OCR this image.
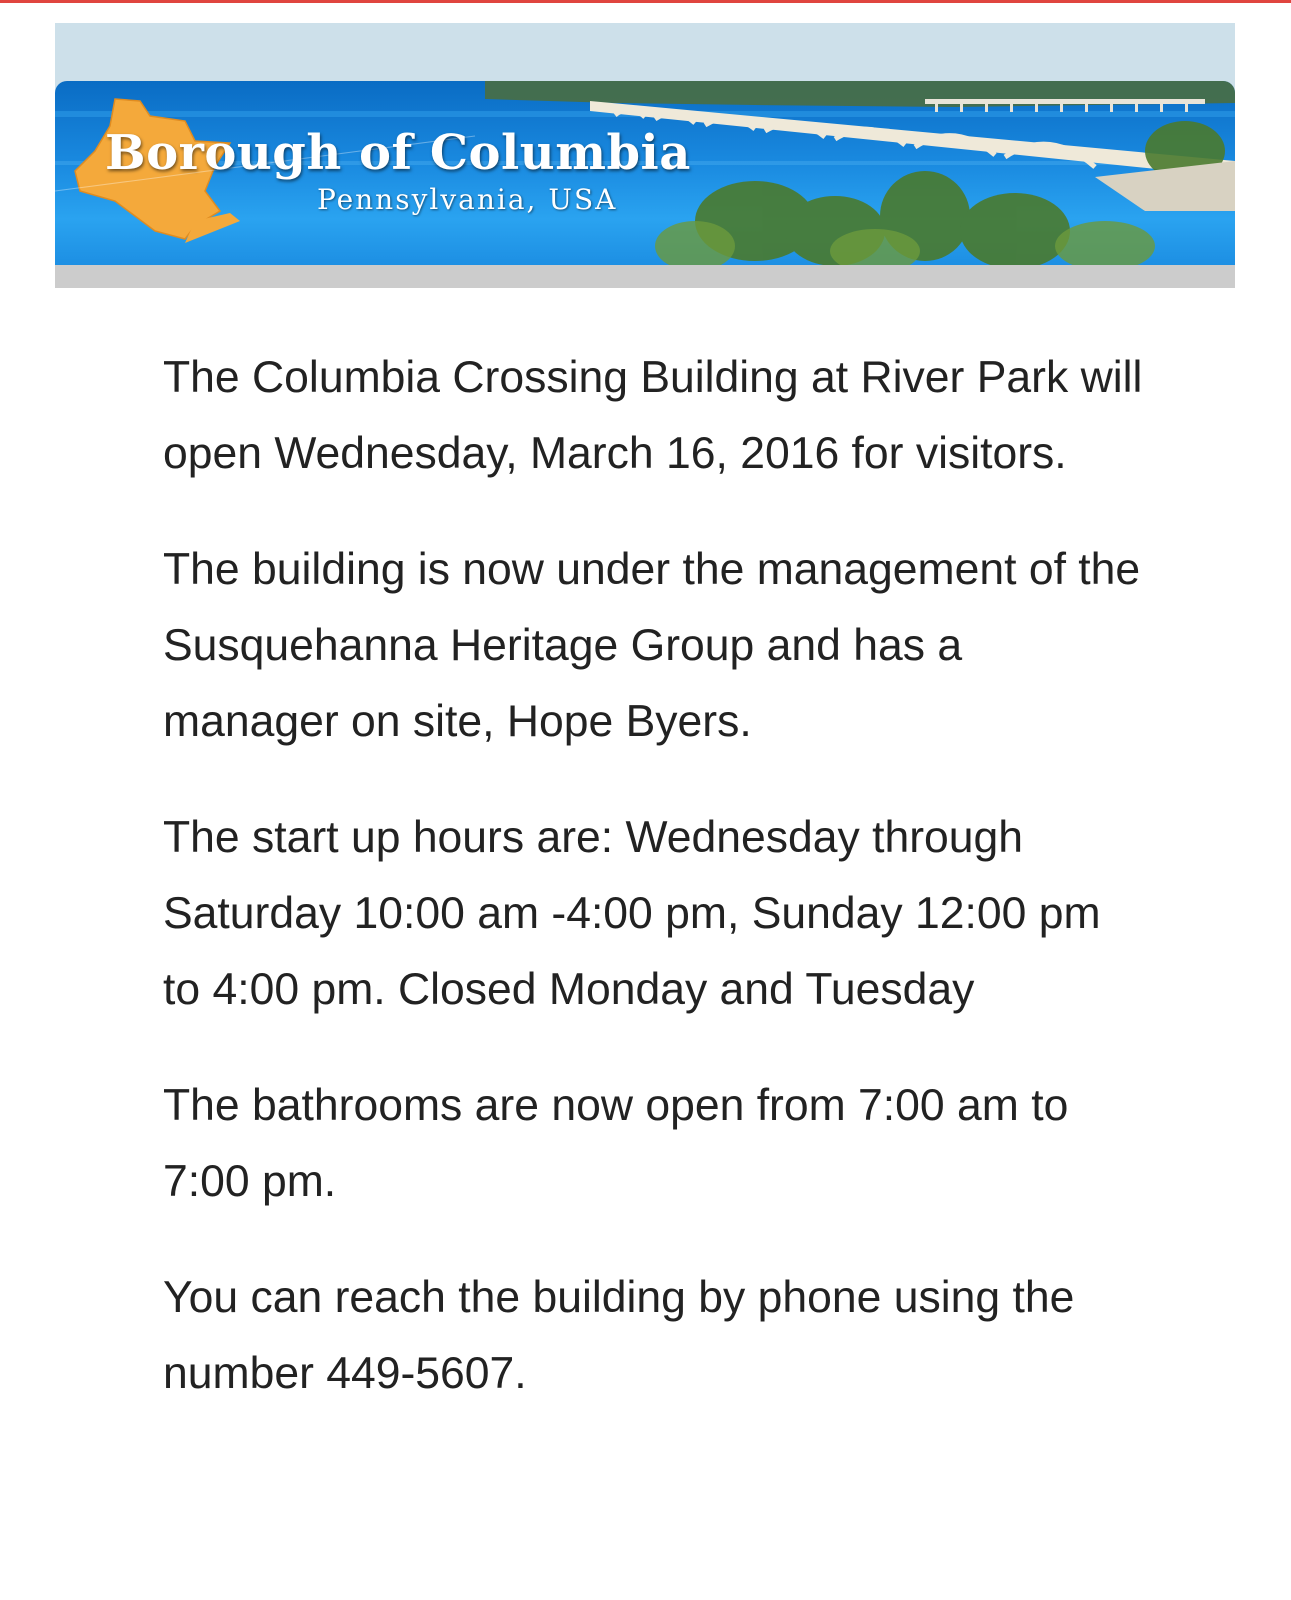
Borough of Columbia
Pennsylvania, USA

The Columbia Crossing Building at River Park will open Wednesday, March 16, 2016 for visitors.

The building is now under the management of the Susquehanna Heritage Group and has a manager on site, Hope Byers.

The start up hours are: Wednesday through Saturday 10:00 am -4:00 pm, Sunday 12:00 pm to 4:00 pm. Closed Monday and Tuesday

The bathrooms are now open from 7:00 am to 7:00 pm.

You can reach the building by phone using the number 449-5607.
